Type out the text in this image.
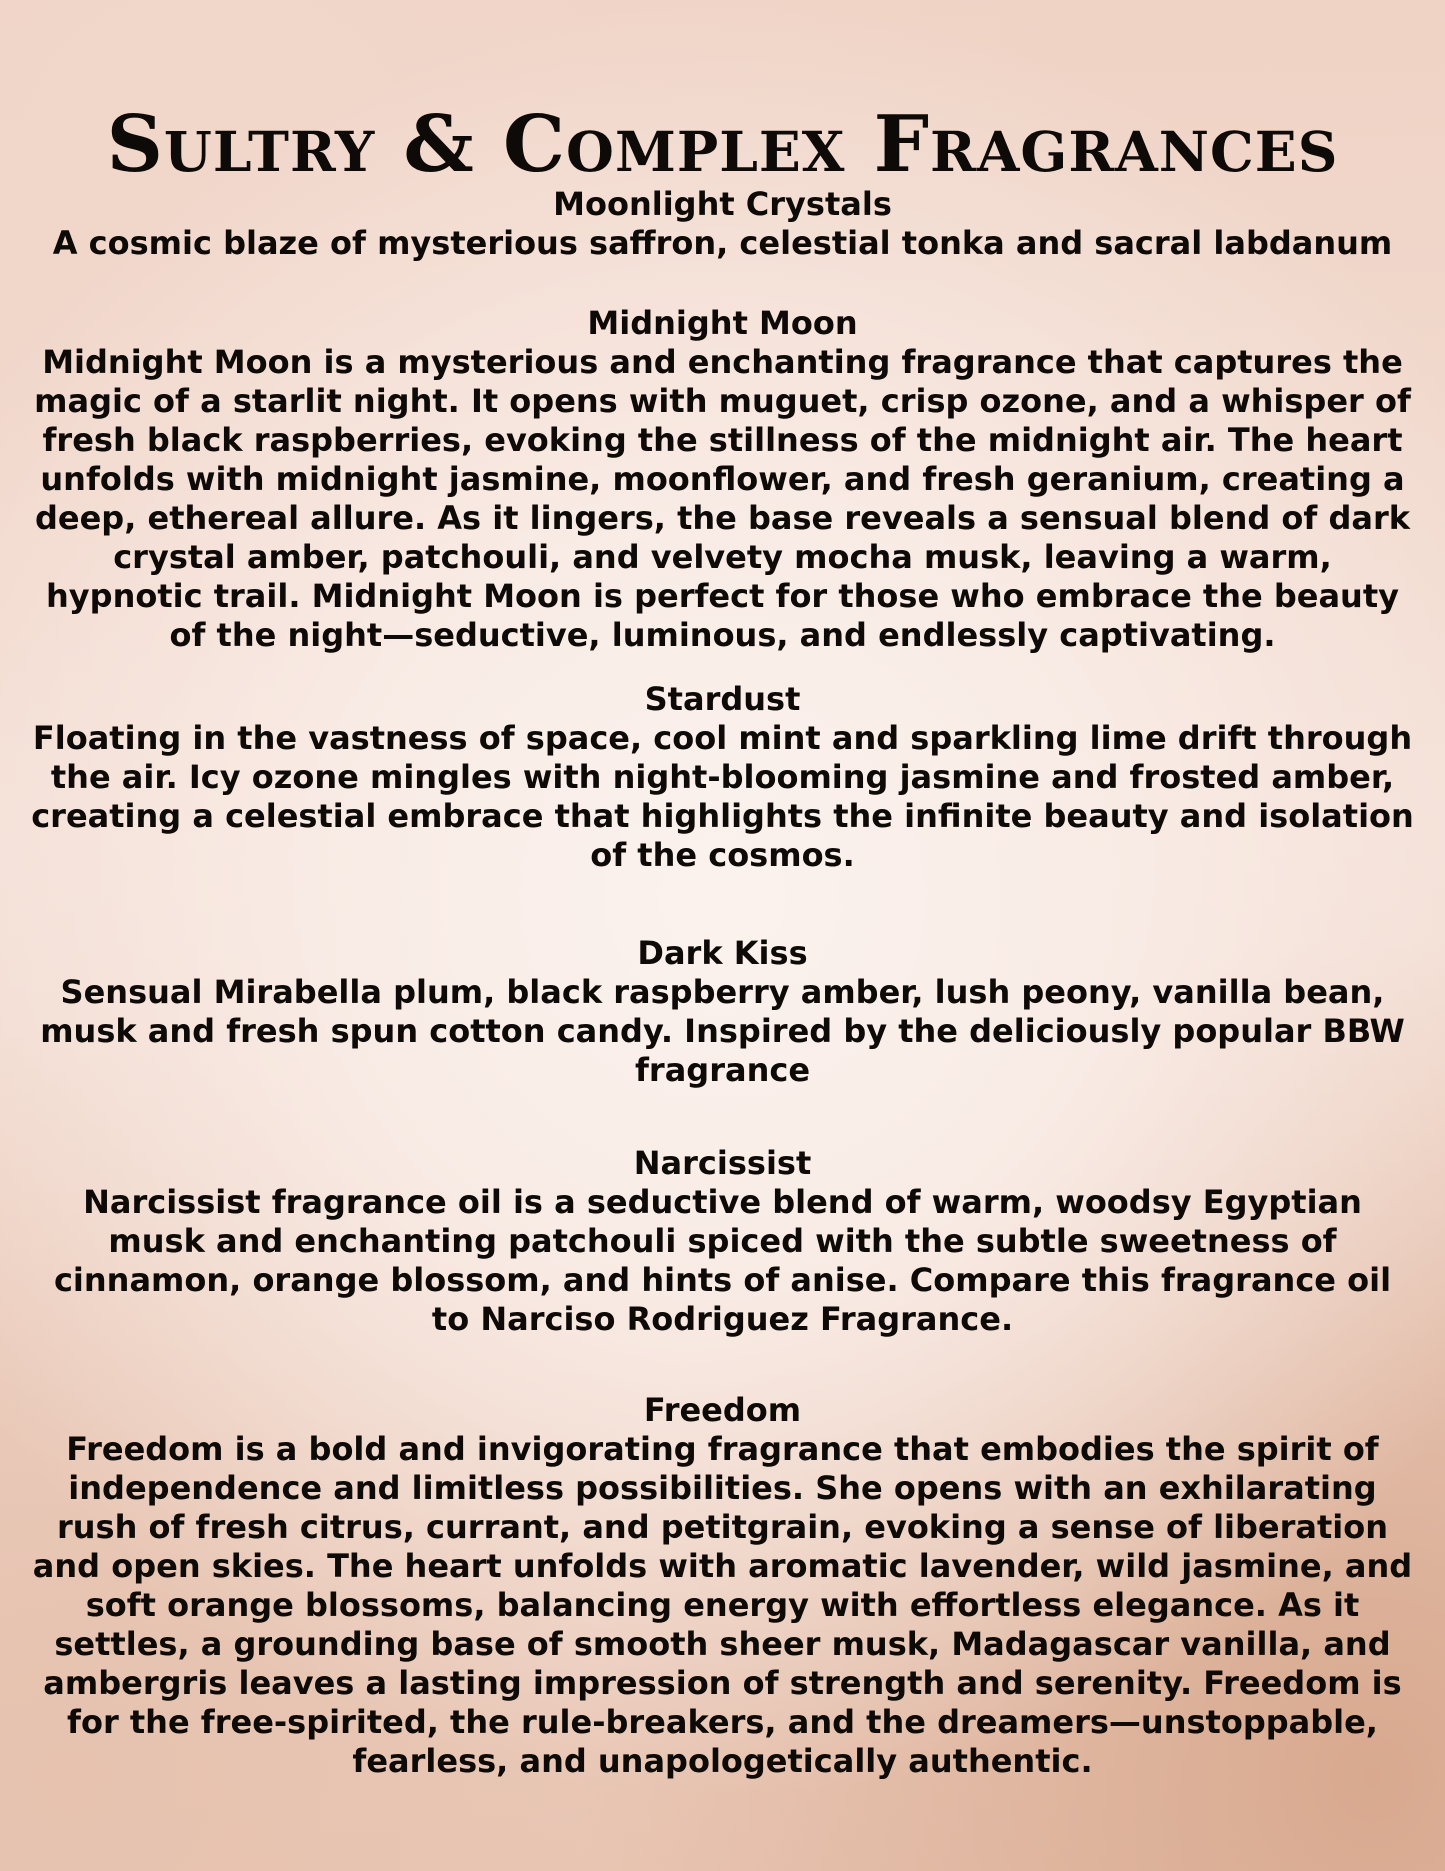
Sultry & Complex Fragrances
Moonlight Crystals
A cosmic blaze of mysterious saffron, celestial tonka and sacral labdanum
Midnight Moon
Midnight Moon is a mysterious and enchanting fragrance that captures the magic of a starlit night. It opens with muguet, crisp ozone, and a whisper of fresh black raspberries, evoking the stillness of the midnight air. The heart unfolds with midnight jasmine, moonflower, and fresh geranium, creating a deep, ethereal allure. As it lingers, the base reveals a sensual blend of dark crystal amber, patchouli, and velvety mocha musk, leaving a warm, hypnotic trail. Midnight Moon is perfect for those who embrace the beauty of the night—seductive, luminous, and endlessly captivating.
Stardust
Floating in the vastness of space, cool mint and sparkling lime drift through the air. Icy ozone mingles with night-blooming jasmine and frosted amber, creating a celestial embrace that highlights the infinite beauty and isolation of the cosmos.
Dark Kiss
Sensual Mirabella plum, black raspberry amber, lush peony, vanilla bean, musk and fresh spun cotton candy. Inspired by the deliciously popular BBW fragrance
Narcissist
Narcissist fragrance oil is a seductive blend of warm, woodsy Egyptian musk and enchanting patchouli spiced with the subtle sweetness of cinnamon, orange blossom, and hints of anise. Compare this fragrance oil to Narciso Rodriguez Fragrance.
Freedom
Freedom is a bold and invigorating fragrance that embodies the spirit of independence and limitless possibilities. She opens with an exhilarating rush of fresh citrus, currant, and petitgrain, evoking a sense of liberation and open skies. The heart unfolds with aromatic lavender, wild jasmine, and soft orange blossoms, balancing energy with effortless elegance. As it settles, a grounding base of smooth sheer musk, Madagascar vanilla, and ambergris leaves a lasting impression of strength and serenity. Freedom is for the free-spirited, the rule-breakers, and the dreamers—unstoppable, fearless, and unapologetically authentic.
